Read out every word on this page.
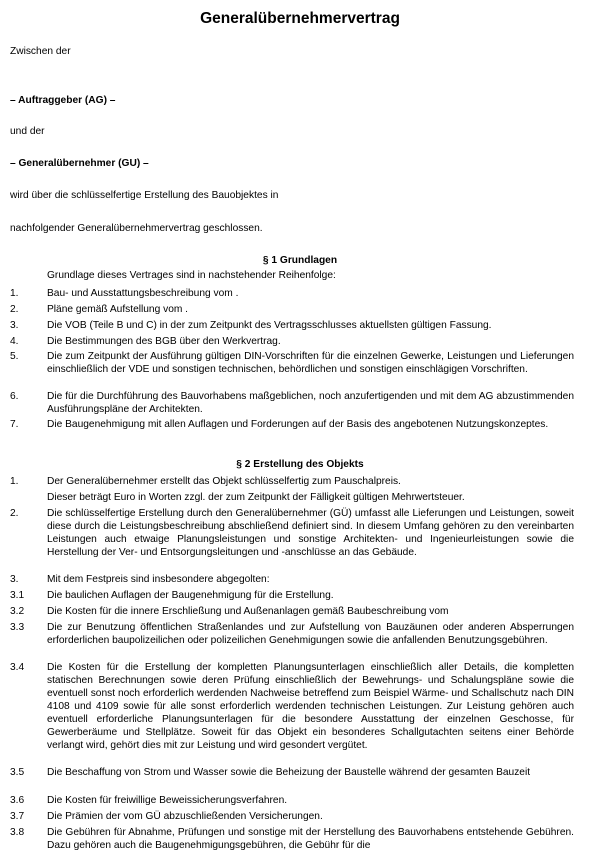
Generalübernehmervertrag
Zwischen der
– Auftraggeber (AG) –
und der
– Generalübernehmer (GU) –
wird über die schlüsselfertige Erstellung des Bauobjektes in
nachfolgender Generalübernehmervertrag geschlossen.
§ 1 Grundlagen
Grundlage dieses Vertrages sind in nachstehender Reihenfolge:
1.	Bau- und Ausstattungsbeschreibung vom .
2.	Pläne gemäß Aufstellung vom .
3.	Die VOB (Teile B und C) in der zum Zeitpunkt des Vertragsschlusses aktuellsten gültigen Fassung.
4.	Die Bestimmungen des BGB über den Werkvertrag.
5.	Die zum Zeitpunkt der Ausführung gültigen DIN-Vorschriften für die einzelnen Gewerke, Leistungen und Lieferungen einschließlich der VDE und sonstigen technischen, behördlichen und sonstigen einschlägigen Vorschriften.
6.	Die für die Durchführung des Bauvorhabens maßgeblichen, noch anzufertigenden und mit dem AG abzustimmenden Ausführungspläne der Architekten.
7.	Die Baugenehmigung mit allen Auflagen und Forderungen auf der Basis des angebotenen Nutzungskonzeptes.
§ 2 Erstellung des Objekts
1.	Der Generalübernehmer erstellt das Objekt schlüsselfertig zum Pauschalpreis.
Dieser beträgt Euro in Worten zzgl. der zum Zeitpunkt der Fälligkeit gültigen Mehrwertsteuer.
2.	Die schlüsselfertige Erstellung durch den Generalübernehmer (GÜ) umfasst alle Lieferungen und Leistungen, soweit diese durch die Leistungsbeschreibung abschließend definiert sind. In diesem Umfang gehören zu den vereinbarten Leistungen auch etwaige Planungsleistungen und sonstige Architekten- und Ingenieurleistungen sowie die Herstellung der Ver- und Entsorgungsleitungen und -anschlüsse an das Gebäude.
3.	Mit dem Festpreis sind insbesondere abgegolten:
3.1 Die baulichen Auflagen der Baugenehmigung für die Erstellung.
3.2 Die Kosten für die innere Erschließung und Außenanlagen gemäß Baubeschreibung vom
3.3 Die zur Benutzung öffentlichen Straßenlandes und zur Aufstellung von Bauzäunen oder anderen Absperrungen erforderlichen baupolizeilichen oder polizeilichen Genehmigungen sowie die anfallenden Benutzungsgebühren.
3.4 Die Kosten für die Erstellung der kompletten Planungsunterlagen einschließlich aller Details, die kompletten statischen Berechnungen sowie deren Prüfung einschließlich der Bewehrungs- und Schalungspläne sowie die eventuell sonst noch erforderlich werdenden Nachweise betreffend zum Beispiel Wärme- und Schallschutz nach DIN 4108 und 4109 sowie für alle sonst erforderlich werdenden technischen Leistungen. Zur Leistung gehören auch eventuell erforderliche Planungsunterlagen für die besondere Ausstattung der einzelnen Geschosse, für Gewerberäume und Stellplätze. Soweit für das Objekt ein besonderes Schallgutachten seitens einer Behörde verlangt wird, gehört dies mit zur Leistung und wird gesondert vergütet.
3.5 Die Beschaffung von Strom und Wasser sowie die Beheizung der Baustelle während der gesamten Bauzeit
3.6 Die Kosten für freiwillige Beweissicherungsverfahren.
3.7 Die Prämien der vom GÜ abzuschließenden Versicherungen.
3.8 Die Gebühren für Abnahme, Prüfungen und sonstige mit der Herstellung des Bauvorhabens entstehende Gebühren. Dazu gehören auch die Baugenehmigungsgebühren, die Gebühr für die
